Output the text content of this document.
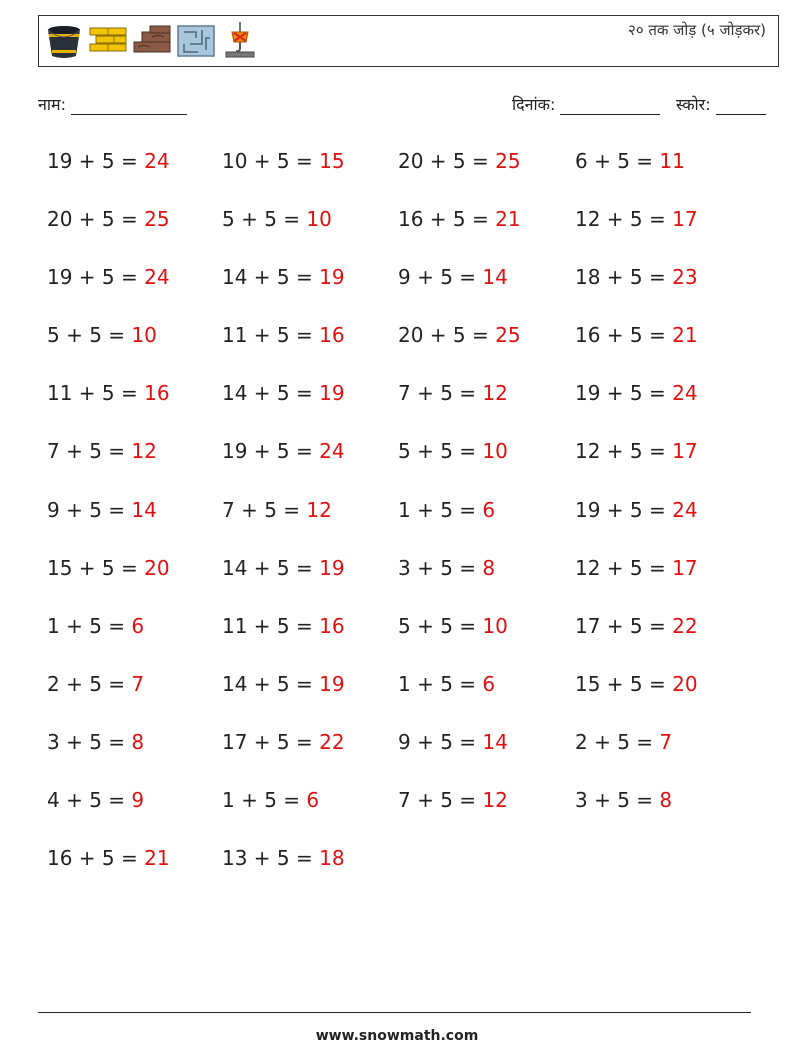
२० तक जोड़ (५ जोड़कर)
नाम:	दिनांक:	स्कोर:
19 + 5 = 24	10 + 5 = 15	20 + 5 = 25	6 + 5 = 11
20 + 5 = 25	5 + 5 = 10	16 + 5 = 21	12 + 5 = 17
19 + 5 = 24	14 + 5 = 19	9 + 5 = 14	18 + 5 = 23
5 + 5 = 10	11 + 5 = 16	20 + 5 = 25	16 + 5 = 21
11 + 5 = 16	14 + 5 = 19	7 + 5 = 12	19 + 5 = 24
7 + 5 = 12	19 + 5 = 24	5 + 5 = 10	12 + 5 = 17
9 + 5 = 14	7 + 5 = 12	1 + 5 = 6	19 + 5 = 24
15 + 5 = 20	14 + 5 = 19	3 + 5 = 8	12 + 5 = 17
1 + 5 = 6	11 + 5 = 16	5 + 5 = 10	17 + 5 = 22
2 + 5 = 7	14 + 5 = 19	1 + 5 = 6	15 + 5 = 20
3 + 5 = 8	17 + 5 = 22	9 + 5 = 14	2 + 5 = 7
4 + 5 = 9	1 + 5 = 6	7 + 5 = 12	3 + 5 = 8
16 + 5 = 21	13 + 5 = 18
www.snowmath.com
